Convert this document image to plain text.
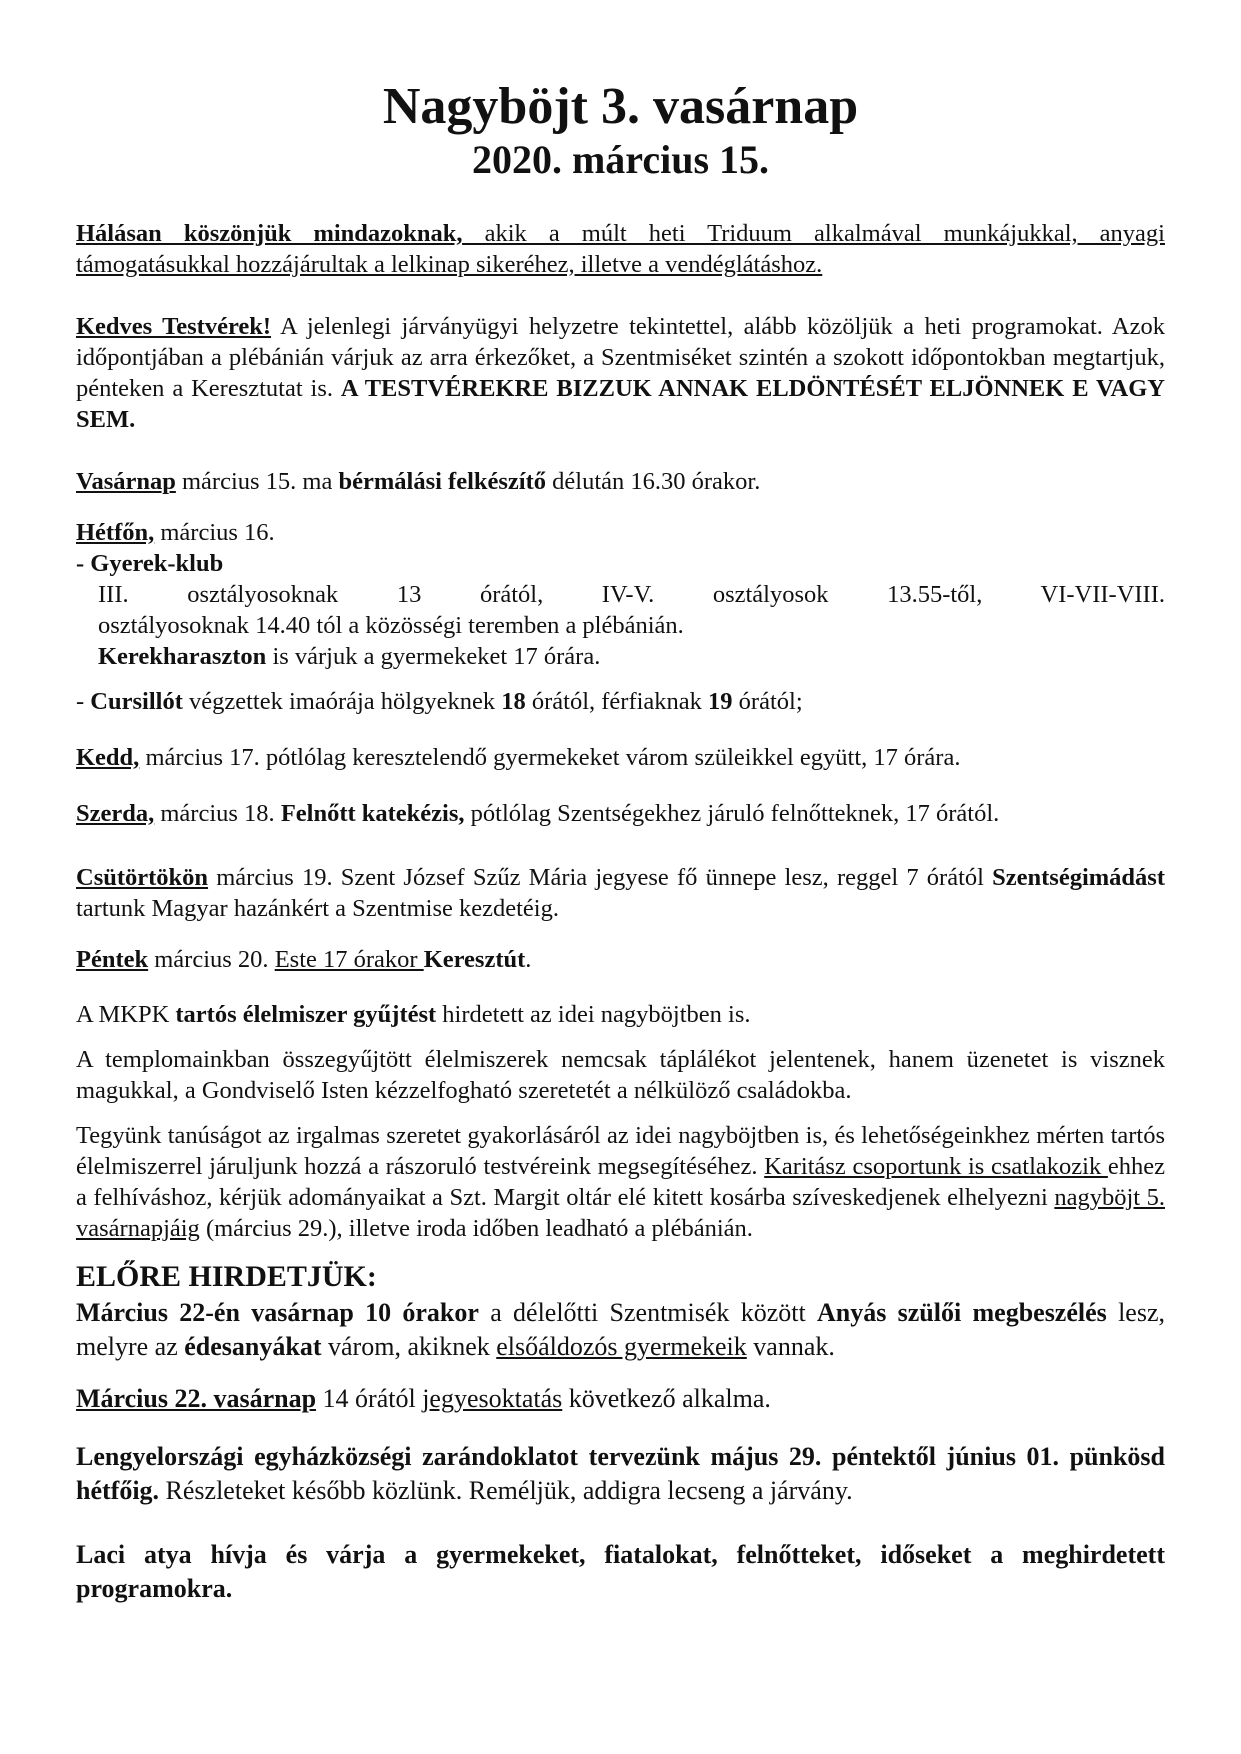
Nagyböjt 3. vasárnap
2020. március 15.

Hálásan köszönjük mindazoknak, akik a múlt heti Triduum alkalmával munkájukkal, anyagi támogatásukkal hozzájárultak a lelkinap sikeréhez, illetve a vendéglátáshoz.

Kedves Testvérek! A jelenlegi járványügyi helyzetre tekintettel, alább közöljük a heti programokat. Azok időpontjában a plébánián várjuk az arra érkezőket, a Szentmiséket szintén a szokott időpontokban megtartjuk, pénteken a Keresztutat is. A TESTVÉREKRE BIZZUK ANNAK ELDÖNTÉSÉT ELJÖNNEK E VAGY SEM.

Vasárnap március 15. ma bérmálási felkészítő délután 16.30 órakor.

Hétfőn, március 16.

- Gyerek-klub

III. osztályosoknak 13 órától, IV-V. osztályosok 13.55-től, VI-VII-VIII.

osztályosoknak 14.40 tól a közösségi teremben a plébánián.

Kerekharaszton is várjuk a gyermekeket 17 órára.

- Cursillót végzettek imaórája hölgyeknek 18 órától, férfiaknak 19 órától;

Kedd, március 17. pótlólag keresztelendő gyermekeket várom szüleikkel együtt, 17 órára.

Szerda, március 18. Felnőtt katekézis, pótlólag Szentségekhez járuló felnőtteknek, 17 órától.

Csütörtökön március 19. Szent József Szűz Mária jegyese fő ünnepe lesz, reggel 7 órától Szentségimádást tartunk Magyar hazánkért a Szentmise kezdetéig.

Péntek március 20. Este 17 órakor Keresztút.

A MKPK tartós élelmiszer gyűjtést hirdetett az idei nagyböjtben is.

A templomainkban összegyűjtött élelmiszerek nemcsak táplálékot jelentenek, hanem üzenetet is visznek magukkal, a Gondviselő Isten kézzelfogható szeretetét a nélkülöző családokba.

Tegyünk tanúságot az irgalmas szeretet gyakorlásáról az idei nagyböjtben is, és lehetőségeinkhez mérten tartós élelmiszerrel járuljunk hozzá a rászoruló testvéreink megsegítéséhez. Karitász csoportunk is csatlakozik ehhez a felhíváshoz, kérjük adományaikat a Szt. Margit oltár elé kitett kosárba szíveskedjenek elhelyezni nagyböjt 5. vasárnapjáig (március 29.), illetve iroda időben leadható a plébánián.

ELŐRE HIRDETJÜK:

Március 22-én vasárnap 10 órakor a délelőtti Szentmisék között Anyás szülői megbeszélés lesz, melyre az édesanyákat várom, akiknek elsőáldozós gyermekeik vannak.

Március 22. vasárnap 14 órától jegyesoktatás következő alkalma.

Lengyelországi egyházközségi zarándoklatot tervezünk május 29. péntektől június 01. pünkösd hétfőig. Részleteket később közlünk. Reméljük, addigra lecseng a járvány.

Laci atya hívja és várja a gyermekeket, fiatalokat, felnőtteket, időseket a meghirdetett programokra.
